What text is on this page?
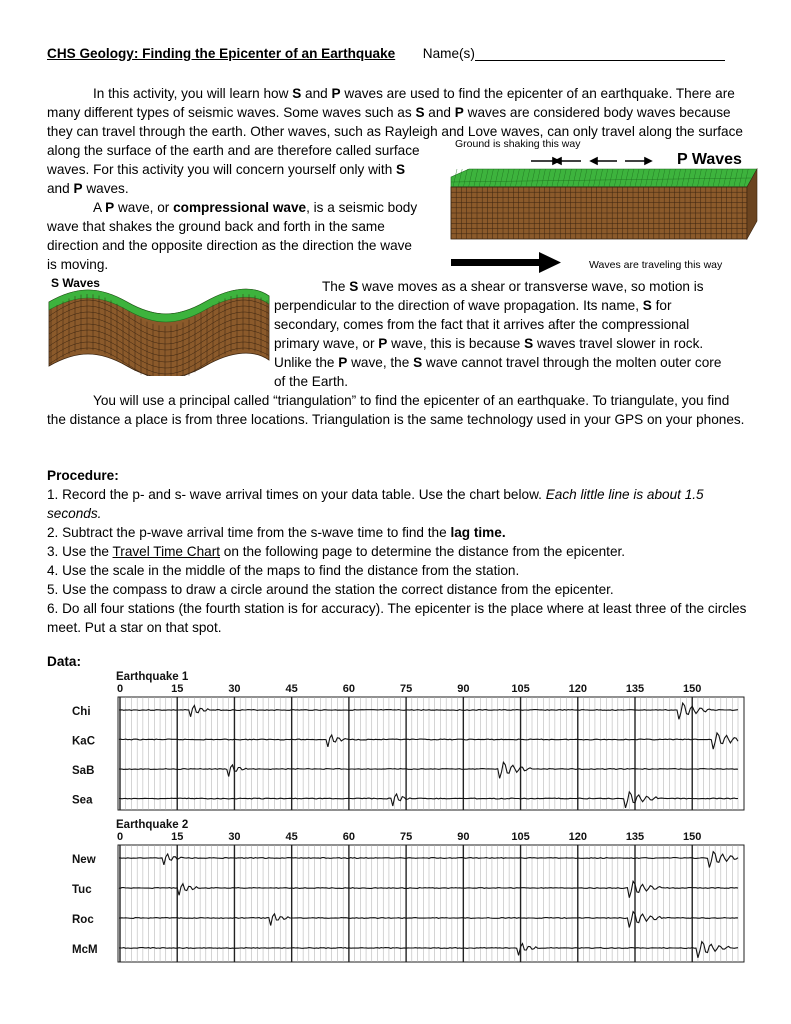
CHS Geology: Finding the Epicenter of an Earthquake Name(s)
In this activity, you will learn how S and P waves are used to find the epicenter of an earthquake. There are many different types of seismic waves. Some waves such as S and P waves are considered body waves because they can travel through the earth. Other waves, such as Rayleigh and Love waves, can only travel along the surface
along the surface of the earth and are therefore called surface
waves. For this activity you will concern yourself only with S
and P waves.
A P wave, or compressional wave, is a seismic body
wave that shakes the ground back and forth in the same
direction and the opposite direction as the direction the wave
is moving.
Ground is shaking this way
P Waves
Waves are traveling this way
S Waves	The S wave moves as a shear or transverse wave, so motion is
perpendicular to the direction of wave propagation. Its name, S for
secondary, comes from the fact that it arrives after the compressional
primary wave, or P wave, this is because S waves travel slower in rock.
Unlike the P wave, the S wave cannot travel through the molten outer core
of the Earth.
You will use a principal called “triangulation” to find the epicenter of an earthquake. To triangulate, you find the distance a place is from three locations. Triangulation is the same technology used in your GPS on your phones.
Procedure:
1. Record the p- and s- wave arrival times on your data table. Use the chart below. Each little line is about 1.5 seconds.
2. Subtract the p-wave arrival time from the s-wave time to find the lag time.
3. Use the Travel Time Chart on the following page to determine the distance from the epicenter.
4. Use the scale in the middle of the maps to find the distance from the station.
5. Use the compass to draw a circle around the station the correct distance from the epicenter.
6. Do all four stations (the fourth station is for accuracy). The epicenter is the place where at least three of the circles meet. Put a star on that spot.
Data:
Earthquake 1
0	15	30	45	60	75	90	105	120	135	150
Chi
KaC
SaB
Sea
Earthquake 2
0	15	30	45	60	75	90	105	120	135	150
New
Tuc
Roc
McM
